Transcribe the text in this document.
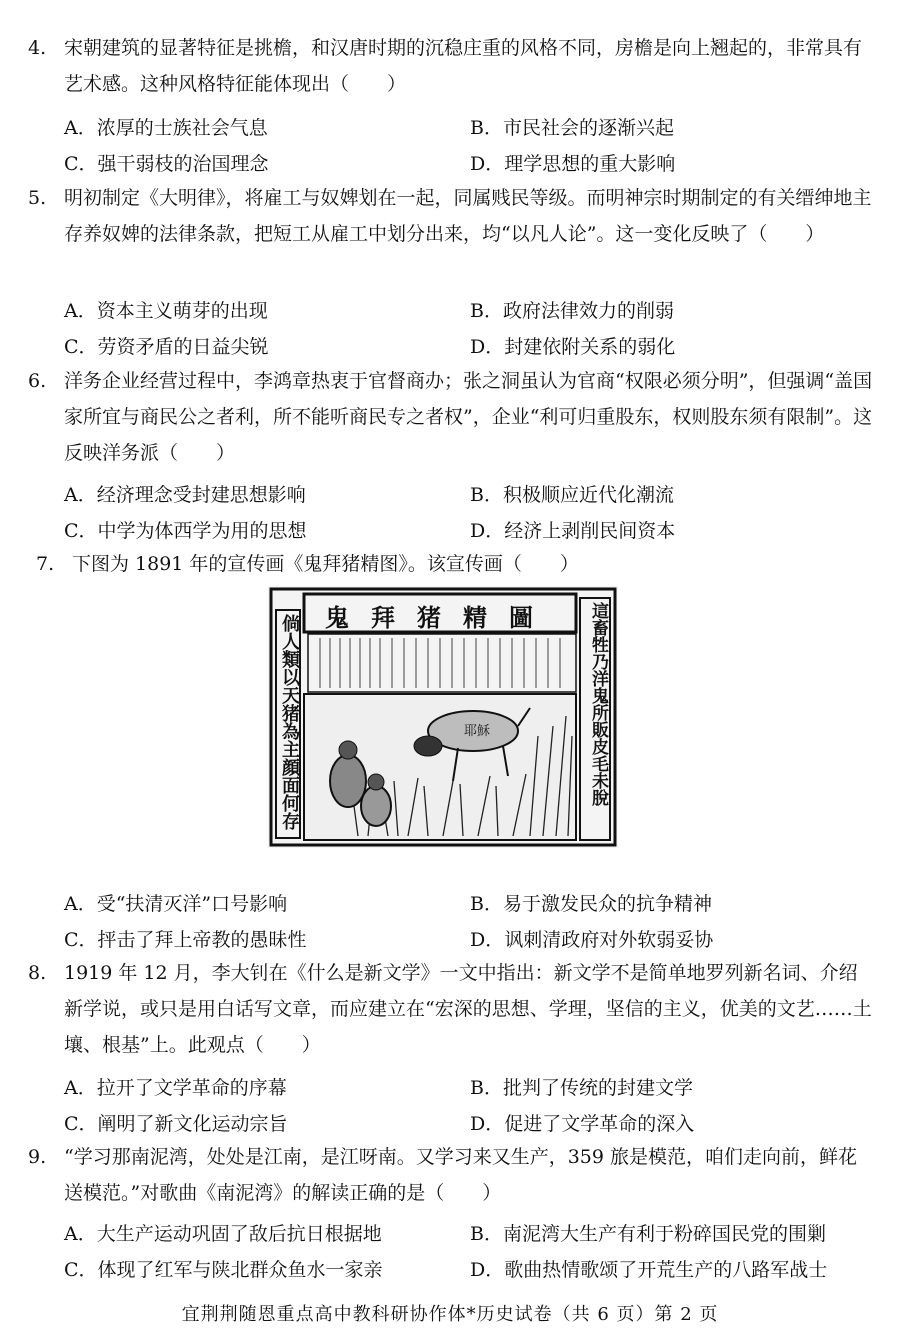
4. 宋朝建筑的显著特征是挑檐，和汉唐时期的沉稳庄重的风格不同，房檐是向上翘起的，非常具有艺术感。这种风格特征能体现出（　　）
A．浓厚的士族社会气息	B．市民社会的逐渐兴起
C．强干弱枝的治国理念	D．理学思想的重大影响
5. 明初制定《大明律》，将雇工与奴婢划在一起，同属贱民等级。而明神宗时期制定的有关缙绅地主存养奴婢的法律条款，把短工从雇工中划分出来，均“以凡人论”。这一变化反映了（　　）
A．资本主义萌芽的出现	B．政府法律效力的削弱
C．劳资矛盾的日益尖锐	D．封建依附关系的弱化
6. 洋务企业经营过程中，李鸿章热衷于官督商办；张之洞虽认为官商“权限必须分明”，但强调“盖国家所宜与商民公之者利，所不能听商民专之者权”，企业“利可归重股东，权则股东须有限制”。这反映洋务派（　　）
A．经济理念受封建思想影响	B．积极顺应近代化潮流
C．中学为体西学为用的思想	D．经济上剥削民间资本
7. 下图为 1891 年的宣传画《鬼拜猪精图》。该宣传画（　　）
鬼拜猪精圖
倘人類以天猪為主顔面何存	這畜牲乃洋鬼所販皮毛未脫
耶穌
A．受“扶清灭洋”口号影响	B．易于激发民众的抗争精神
C．抨击了拜上帝教的愚昧性	D．讽刺清政府对外软弱妥协
8. 1919 年 12 月，李大钊在《什么是新文学》一文中指出：新文学不是简单地罗列新名词、介绍新学说，或只是用白话写文章，而应建立在“宏深的思想、学理，坚信的主义，优美的文艺……土壤、根基”上。此观点（　　）
A．拉开了文学革命的序幕	B．批判了传统的封建文学
C．阐明了新文化运动宗旨	D．促进了文学革命的深入
9. “学习那南泥湾，处处是江南，是江呀南。又学习来又生产，359 旅是模范，咱们走向前，鲜花送模范。”对歌曲《南泥湾》的解读正确的是（　　）
A．大生产运动巩固了敌后抗日根据地	B．南泥湾大生产有利于粉碎国民党的围剿
C．体现了红军与陕北群众鱼水一家亲	D．歌曲热情歌颂了开荒生产的八路军战士
宜荆荆随恩重点高中教科研协作体*历史试卷（共 6 页）第 2 页
